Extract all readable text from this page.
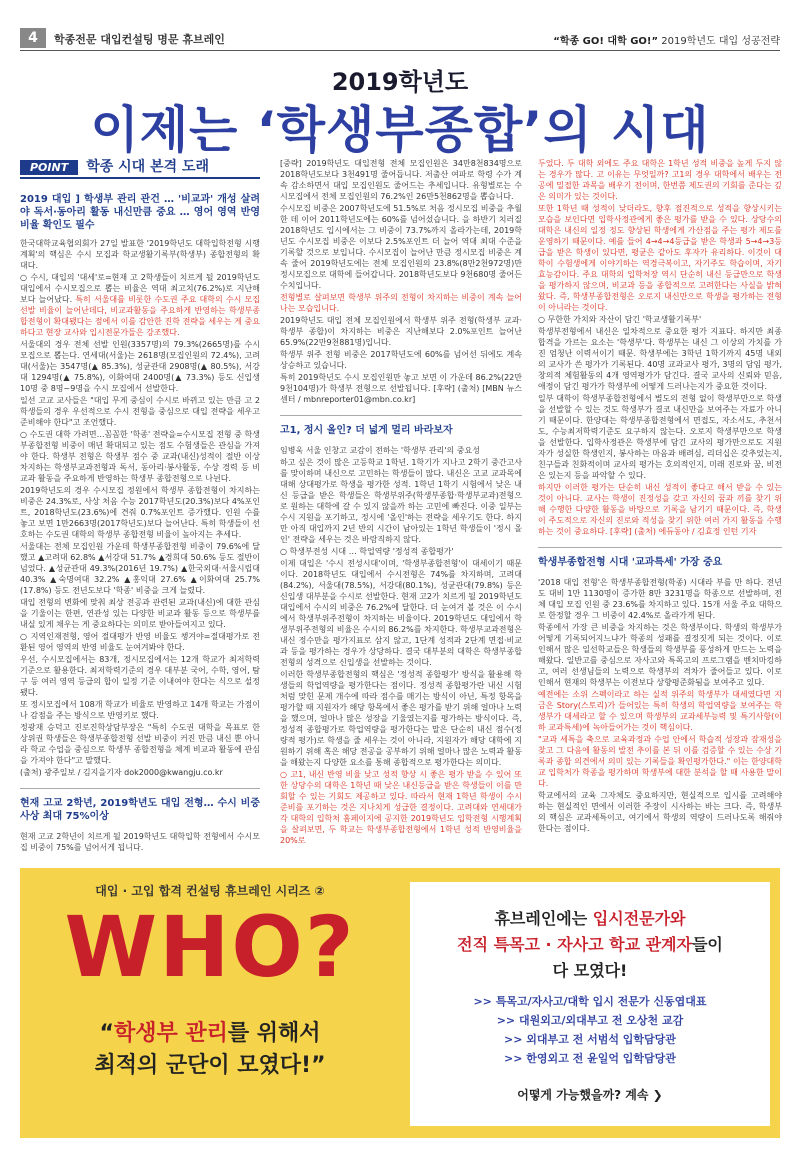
4	학종전문 대입컨설팅 명문 휴브레인	“학종 GO! 대학 GO!” 2019학년도 대입 성공전략
2019학년도
이제는 ‘학생부종합’의 시대
POINT	학종 시대 본격 도래
2019 대입 ] 학생부 관리 관건 … '비교과' 개성 살려야 독서·동아리 활동 내신만큼 중요 … 영어 영역 반영비율 확인도 필수

한국대학교육협의회가 27일 발표한 '2019학년도 대학입학전형 시행계획'의 핵심은 수시 모집과 학교생활기록부(학생부) 종합전형의 확대다.

○ 수시, 대입의 '대세'로=현재 고 2학생들이 치르게 될 2019학년도 대입에서 수시모집으로 뽑는 비율은 역대 최고치(76.2%)로 지난해보다 늘어났다. 특히 서울대를 비롯한 수도권 주요 대학의 수시 모집 선발 비율이 늘어난데다, 비교과활동을 주요하게 반영하는 학생부종합전형이 확대됐다는 점에서 이를 감안한 진학 전략을 세우는 게 중요하다고 현장 교사와 입시전문가들은 강조했다.

서울대의 경우 전체 선발 인원(3357명)의 79.3%(2665명)를 수시모집으로 뽑는다. 연세대(서울)는 2618명(모집인원의 72.4%), 고려대(서울)는 3547명(▲ 85.3%), 성균관대 2908명(▲ 80.5%), 서강대 1294명(▲ 75.8%), 이화여대 2400명(▲ 73.3%) 등도 신입생 10명 중 8명~9명을 수시 모집에서 선발한다.

일선 고교 교사들은 "대입 무게 중심이 수시로 바뀌고 있는 만큼 고 2 학생들의 경우 우선적으로 수시 전형을 중심으로 대입 전략을 세우고 준비해야 한다"고 조언했다.

○ 수도권 대학 가려면…꼼꼼한 '학종' 전략을=수시모집 전형 중 학생부종합전형 비중이 매년 확대되고 있는 점도 수험생들은 관심을 가져야 한다. 학생부 전형은 학생부 점수 중 교과(내신)성적이 절반 이상 차지하는 학생부교과전형과 독서, 동아리·봉사활동, 수상 경력 등 비교과 활동을 주요하게 반영하는 학생부 종합전형으로 나뉜다.

2019학년도의 경우 수시모집 정원에서 학생부 종합전형이 차지하는 비중은 24.3%로, 사상 처음 수능 2017학년도(20.3%)보다 4%포인트, 2018학년도(23.6%)에 견줘 0.7%포인트 증가했다. 인원 수를 놓고 보면 1만2663명(2017학년도)보다 늘어난다. 특히 학생들이 선호하는 수도권 대학의 학생부 종합전형 비율이 높아지는 추세다.

서울대는 전체 모집인원 가운데 학생부종합전형 비중이 79.6%에 달했고 ▲고려대 62.8% ▲서강대 51.7% ▲경희대 50.6% 등도 절반이 넘었다. ▲성균관대 49.3%(2016년 19.7%) ▲한국외대·서울시립대 40.3% ▲숙명여대 32.2% ▲홍익대 27.6% ▲이화여대 25.7%(17.8%) 등도 전년도보다 '학종' 비중을 크게 늘렸다.

대입 전형의 변화에 맞춰 최상 전공과 관련된 교과(내신)에 대한 관심을 기울이는 한편, 연관성 있는 다양한 비교과 활동 등으로 학생부를 내실 있게 채우는 게 중요하다는 의미로 받아들여지고 있다.

○ 지역인재전형, 영어 절대평가 반영 비율도 챙겨야=절대평가로 전환된 영어 영역의 반영 비율도 눈여겨봐야 한다.

우선, 수시모집에서는 83개, 정시모집에서는 12개 학교가 최저학력기준으로 활용한다. 최저학력기준의 경우 대부분 국어, 수학, 영어, 탐구 등 여러 영역 등급의 합이 일정 기준 이내여야 한다는 식으로 설정됐다.

또 정시모집에서 108개 학교가 비율로 반영하고 14개 학교는 가점이나 감점을 주는 방식으로 반영키로 했다.

정광재 승덕고 진로진학상담부장은 "특히 수도권 대학을 목표로 한 상위권 학생들은 학생부종합전형 선발 비중이 커진 만큼 내신 뿐 아니라 학교 수업을 중심으로 학생부 종합전형을 체계 비교과 활동에 관심을 가져야 한다"고 말했다.

(출처) 광주일보 / 김지을기자 dok2000@kwangju.co.kr

현재 고교 2학년, 2019학년도 대입 전형… 수시 비중 사상 최대 75%이상

현재 고교 2학년이 치르게 될 2019학년도 대학입학 전형에서 수시모집 비중이 75%를 넘어서게 됩니다.

[중략] 2019학년도 대입전형 전체 모집인원은 34만8천834명으로 2018학년도보다 3천491명 줄어듭니다. 저출산 여파로 학령 수가 계속 감소하면서 대입 모집인원도 줄어드는 추세입니다. 유형별로는 수시모집에서 전체 모집인원의 76.2%인 26만5천862명을 뽑습니다.

수시모집 비중은 2007학년도에 51.5%로 처음 정시모집 비중을 추월한 데 이어 2011학년도에는 60%를 넘어섰습니다. 을 하반기 치러질 2018학년도 입시에서는 그 비중이 73.7%까지 올라가는데, 2019학년도 수시모집 비중은 이보다 2.5%포인트 더 늘어 역대 최대 수준을 기록할 것으로 보입니다. 수시모집이 늘어난 만큼 정시모집 비중은 계속 줄어 2019학년도에는 전체 모집인원의 23.8%(8만2천972명)만 정시모집으로 대학에 들어갑니다. 2018학년도보다 9천680명 줄어든 수치입니다.

전형별로 살펴보면 학생부 위주의 전형이 차지하는 비중이 계속 늘어나는 모습입니다.

2019학년도 대입 전체 모집인원에서 학생부 위주 전형(학생부 교과·학생부 종합)이 차지하는 비중은 지난해보다 2.0%포인트 늘어난 65.9%(22만9천881명)입니다.

학생부 위주 전형 비중은 2017학년도에 60%를 넘어선 뒤에도 계속 상승하고 있습니다.

특히 2019학년도 수시 모집인원만 놓고 보면 이 가운데 86.2%(22만9천104명)가 학생부 전형으로 선발됩니다. [후략] (출처) [MBN 뉴스센터 / mbnreporter01@mbn.co.kr]

고1, 정시 올인? 더 넓게 멀리 바라보자

임병욱 서울 인창고 교감이 전하는 '학생부 관리'의 중요성

하고 싶은 것이 많은 고등학교 1학년. 1학기가 지나고 2학기 중간고사를 맞이하며 내신으로 고민하는 학생들이 많다. 내신은 고교 교과목에 대해 상대평가로 학생을 평가한 성적. 1학년 1학기 시험에서 낮은 내신 등급을 받은 학생들은 학생부위주(학생부종합·학생부교과)전형으로 원하는 대학에 갈 수 있지 않을까 하는 고민에 빠진다. 이중 일부는 수시 지원을 포기하고, 정시에 '올인'하는 전략을 세우기도 한다. 하지만 아직 대입까지 2년 반의 시간이 남아있는 1학년 학생들이 '정시 올인' 전략을 세우는 것은 바람직하지 않다.

○ 학생부전성 시대 … 학업역량 '정성적 종합평가'

이제 대입은 '수시 전성시대'이며, '학생부종합전형'이 대세이기 때문이다. 2018학년도 대입에서 수시전형은 74%를 차지하며, 고려대(84.2%), 서울대(78.5%), 서강대(80.1%), 성균관대(79.8%) 등은 신입생 대부분을 수시로 선발한다. 현재 고2가 치르게 될 2019학년도 대입에서 수시의 비중은 76.2%에 달한다. 더 눈여겨 볼 것은 이 수시에서 학생부위주전형이 차지하는 비율이다. 2019학년도 대입에서 학생부위주전형의 비율은 수시의 86.2%를 차지한다. 학생부교과전형은 내신 정수만을 평가지표로 삼지 않고, 1단계 성적과 2단계 면접·비교과 등을 평가하는 경우가 상당하다. 결국 대부분의 대학은 학생부종합전형의 성격으로 신입생을 선발하는 것이다.

이러한 학생부종합전형의 핵심은 '정성적 종합평가' 방식을 활용해 학생들의 학업역량을 평가한다는 점이다. 정성적 종합평가란 내신 시험처럼 맞힌 문제 개수에 따라 점수를 매기는 방식이 아닌, 특정 항목을 평가할 때 지원자가 해당 항목에서 좋은 평가를 받기 위해 얼마나 노력을 했으며, 얼마나 많은 성장을 기울였는지를 평가하는 방식이다. 즉, 정성적 종합평가로 학업역량을 평가한다는 말은 단순히 내신 점수(정량적 평가)로 학생을 줄 세우는 것이 아니라, 지원자가 해당 대학에 지원하기 위해 혹은 해당 전공을 공부하기 위해 얼마나 많은 노력과 활동을 해왔는지 다양한 요소를 통해 종합적으로 평가한다는 의미다.

○ 고1, 내신 반영 비율 낮고 성적 향상 시 좋은 평가 받을 수 있어 또한 상당수의 대학은 1학년 때 낮은 내신등급을 받은 학생들이 이를 만회할 수 있는 기회도 제공하고 있다. 따라서 현재 1학년 학생이 수시 준비를 포기하는 것은 지나치게 성급한 결정이다. 고려대와 연세대가 각 대학의 입학처 홈페이지에 공지한 2019학년도 입학전형 시행계획을 살펴보면, 두 학교는 학생부종합전형에서 1학년 성적 반영비율을 20%로

두었다. 두 대학 외에도 주요 대학은 1학년 성적 비중을 높게 두지 않는 경우가 많다. 고 이유는 무엇일까? 고1의 경우 대학에서 배우는 전공에 밀접한 과목을 배우기 전이며, 한번쯤 제도권의 기회를 준다는 깊은 의미가 있는 것이다.

또한 1학년 때 성적이 낮더라도, 향후 점진적으로 성적을 향상시키는 모습을 보인다면 입학사정관에게 좋은 평가를 받을 수 있다. 상당수의 대학은 내신의 일정 정도 향상된 학생에게 가산점을 주는 평가 제도를 운영하기 때문이다. 예를 들어 4→4→4등급을 받은 학생과 5→4→3등급을 받은 학생이 있다면, 평균은 같아도 후자가 유리하다. 이것이 대학이 수험생에게 이야기하는 역경극복이고, 자기주도 학습이며, 자기효능감이다. 주요 대학의 입학처장 역시 단순히 내신 등급만으로 학생을 평가하지 않으며, 비교과 등을 종합적으로 고려한다는 사실을 밝혀왔다. 즉, 학생부종합전형은 오로지 내신만으로 학생을 평가하는 전형이 아니라는 것이다.

○ 무한한 가치와 자산이 담긴 '학교생활기록부'

학생부전형에서 내신은 일차적으로 중요한 평가 지표다. 하지만 최종합격을 가르는 요소는 '학생부'다. 학생부는 내신 그 이상의 가치를 가진 엄청난 이력서이기 때문. 학생부에는 3학년 1학기까지 45명 내외의 교사가 쓴 평가가 기록된다. 40명 교과교사 평가, 3명의 담임 평가, 창의적 체험활동의 4개 영역평가가 담긴다. 결국 교사의 신뢰와 믿음, 애정이 담긴 평가가 학생부에 어떻게 드러나는지가 중요한 것이다.

일부 대학이 학생부종합전형에서 별도의 전형 없이 학생부만으로 학생을 선발할 수 있는 것도 학생부가 결코 내신만을 보여주는 자료가 아니기 때문이다. 한양대는 학생부종합전형에서 면접도, 자소서도, 추천서도, 수능최저학력기준도 요구하지 않는다. 오로지 학생부만으로 학생을 선발한다. 입학사정관은 학생부에 담긴 교사의 평가만으로도 지원자가 성실한 학생인지, 봉사하는 마음과 배려심, 리더십은 갖추었는지, 친구들과 친화적이며 교사의 평가는 호의적인지, 미래 진로와 꿈, 비전은 있는지 등을 파악할 수 있다.

하지만 이러한 평가는 단순히 내신 성적이 좋다고 해서 받을 수 있는 것이 아니다. 교사는 학생이 진정성을 갖고 자신의 꿈과 끼를 찾기 위해 수행한 다양한 활동을 바탕으로 기록을 남기기 때문이다. 즉, 학생이 주도적으로 자신의 진로와 적성을 찾기 위한 여러 가지 활동을 수행하는 것이 중요하다. [후략] (출처) 에듀동아 / 김효정 인턴 기자

학생부종합전형 시대 '교과특세' 가장 중요

'2018 대입 전형'은 학생부종합전형(학종) 시대라 부를 만 하다. 전년도 대비 1만 1130명이 증가한 8만 3231명을 학종으로 선발하며, 전체 대입 모집 인원 중 23.6%를 차지하고 있다. 15개 서울 주요 대학으로 한정할 경우 그 비중이 42.4%로 올라가게 된다.

학종에서 가장 큰 비중을 차지하는 것은 학생부이다. 학생의 학생부가 어떻게 기록되어지느냐가 학종의 성패를 결정짓게 되는 것이다. 이로 인해서 많은 일선학교들은 학생들의 학생부를 풍성하게 만드는 노력을 해왔다. 일반고를 중심으로 자사고와 특목고의 프로그램을 벤치마킹하고, 여러 선생님들의 노력으로 학생부의 격차가 줄어들고 있다. 이로 인해서 현재의 학생부는 이전보다 상향평준화됨을 보여주고 있다.

예전에는 소위 스펙이라고 하는 실적 위주의 학생부가 대세였다면 지금은 Story(스토리)가 들어있는 특히 학생의 학업역량을 보여주는 학생부가 대세라고 할 수 있으며 학생부의 교과세부능력 및 특기사항(이하 교과특세)에 녹아들어가는 것이 핵심이다.

"교과 세특을 축으로 교육과정과 수업 안에서 학습적 성장과 잠재성을 찾고 그 다음에 활동의 발전 추이를 본 뒤 이를 검증할 수 있는 수상 기록과 종합 의견에서 의미 있는 기록들을 확인평가한다." 이는 한양대학교 입학처가 학종을 평가하며 학생부에 대한 분석을 할 때 사용한 말이다.

학교에서의 교육 그자체도 중요하지만, 현실적으로 입시를 고려해야 하는 현실적인 면에서 이러한 주장이 시사하는 바는 크다. 즉, 학생부의 핵심은 교과세특이고, 여기에서 학생의 역량이 드러나도록 해줘야 한다는 점이다.

대입 · 고입 합격 컨설팅 휴브레인 시리즈 ②
WHO?
“학생부 관리를 위해서
최적의 군단이 모였다!”
휴브레인에는 입시전문가와
전직 특목고 · 자사고 학교 관계자들이
다 모였다!
>> 특목고/자사고/대학 입시 전문가 신동엽대표
>> 대원외고/외대부고 전 오상천 교감
>> 외대부고 전 서범석 입학담당관
>> 한영외고 전 윤일억 입학담당관
어떻게 가능했을까? 계속 ❯
